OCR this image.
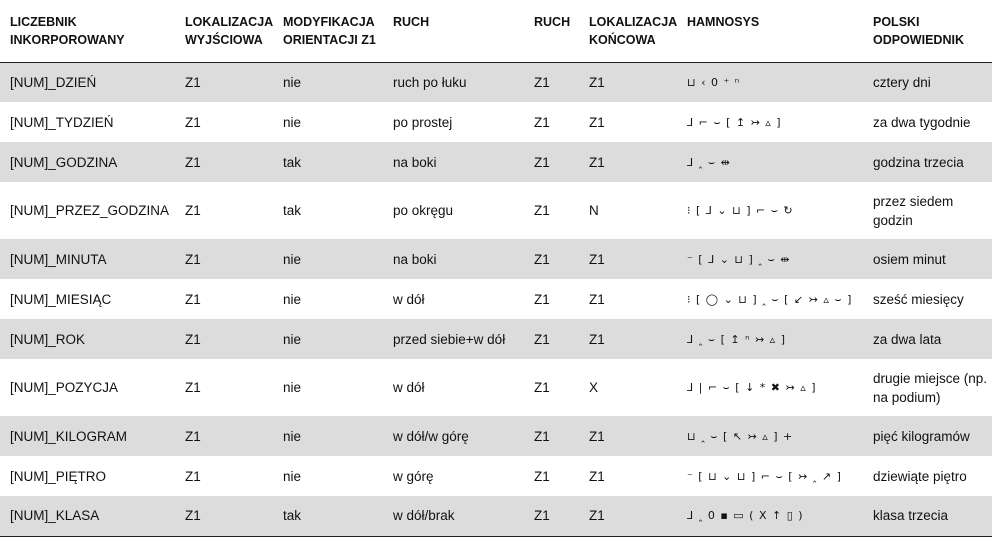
LICZEBNIK INKORPOROWANY	LOKALIZACJA WYJŚCIOWA	MODYFIKACJA ORIENTACJI Z1	RUCH	RUCH	LOKALIZACJA KOŃCOWA	HAMNOSYS	POLSKI ODPOWIEDNIK
[NUM]_DZIEŃ	Z1	nie	ruch po łuku	Z1	Z1	⊔ ‹ 0 ⁺ ⁿ	cztery dni
[NUM]_TYDZIEŃ	Z1	nie	po prostej	Z1	Z1	⅃ ⌐ ⌣ [ ↥ ↣ ▵ ]	za dwa tygodnie
[NUM]_GODZINA	Z1	tak	na boki	Z1	Z1	⅃ ‸ ⌣ ⇹	godzina trzecia
[NUM]_PRZEZ_GODZINA	Z1	tak	po okręgu	Z1	N	⁝ [ ⅃ ⌄ ⊔ ] ⌐ ⌣ ↻	przez siedem godzin
[NUM]_MINUTA	Z1	nie	na boki	Z1	Z1	⁻ [ ⅃ ⌄ ⊔ ] ‸ ⌣ ⇹	osiem minut
[NUM]_MIESIĄC	Z1	nie	w dół	Z1	Z1	⁝ [ ◯ ⌄ ⊔ ] ‸ ⌣ [ ↙ ↣ ▵ ⌣ ]	sześć miesięcy
[NUM]_ROK	Z1	nie	przed siebie+w dół	Z1	Z1	⅃ ‸ ⌣ [ ↥ ⁿ ↣ ▵ ]	za dwa lata
[NUM]_POZYCJA	Z1	nie	w dół	Z1	X	⅃ | ⌐ ⌣ [ ↓ * ✖ ↣ ▵ ]	drugie miejsce (np. na podium)
[NUM]_KILOGRAM	Z1	nie	w dół/w górę	Z1	Z1	⊔ ‸ ⌣ [ ↖ ↣ ▵ ] +	pięć kilogramów
[NUM]_PIĘTRO	Z1	nie	w górę	Z1	Z1	⁻ [ ⊔ ⌄ ⊔ ] ⌐ ⌣ [ ↣ ‸ ↗ ]	dziewiąte piętro
[NUM]_KLASA	Z1	tak	w dół/brak	Z1	Z1	⅃ ‸ 0 ▪ ▭ ( X ↑ ▯ )	klasa trzecia
